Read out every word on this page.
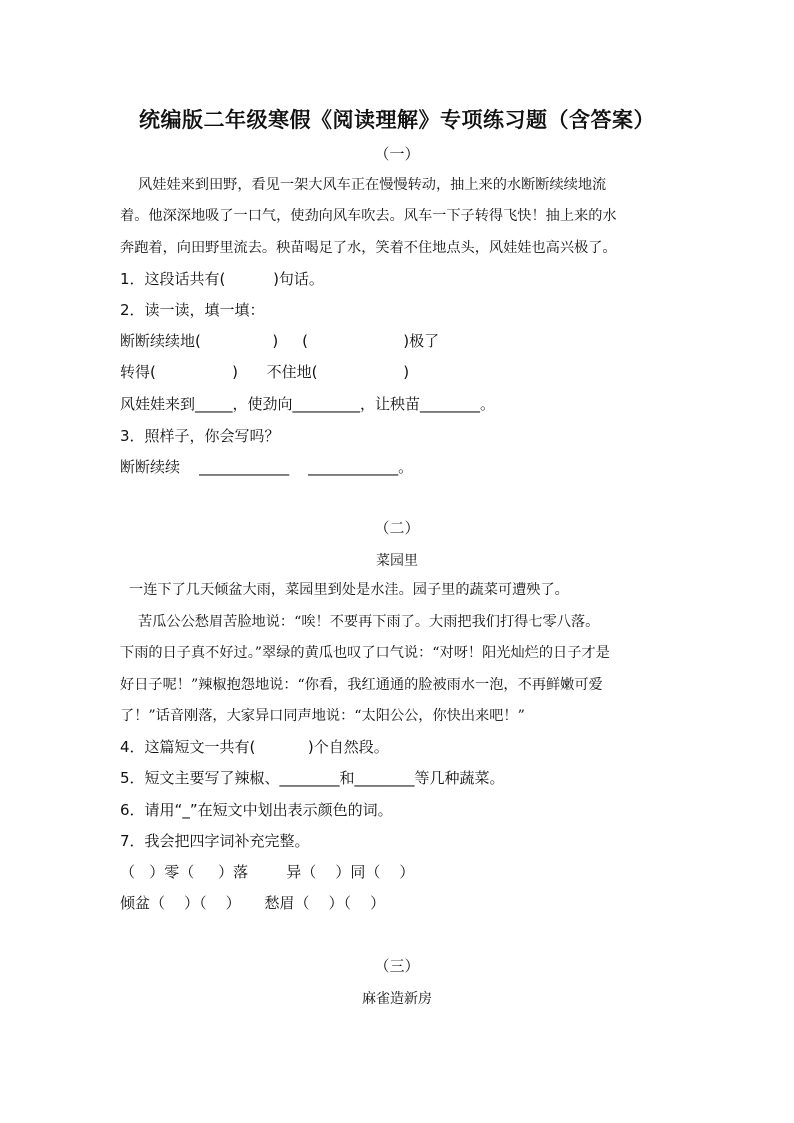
统编版二年级寒假《阅读理解》专项练习题（含答案）
（一）
风娃娃来到田野，看见一架大风车正在慢慢转动，抽上来的水断断续续地流
着。他深深地吸了一口气，使劲向风车吹去。风车一下子转得飞快！抽上来的水
奔跑着，向田野里流去。秧苗喝足了水，笑着不住地点头，风娃娃也高兴极了。
1．这段话共有(          )句话。
2．读一读，填一填：
断断续续地(               )     (                    )极了
转得(                )      不住地(                  )
风娃娃来到_____，使劲向_________，让秧苗________。
3．照样子，你会写吗？
断断续续    ____________    ____________。
（二）
菜园里
一连下了几天倾盆大雨，菜园里到处是水洼。园子里的蔬菜可遭殃了。
苦瓜公公愁眉苦脸地说：“唉！不要再下雨了。大雨把我们打得七零八落。
下雨的日子真不好过。”翠绿的黄瓜也叹了口气说：“对呀！阳光灿烂的日子才是
好日子呢！”辣椒抱怨地说：“你看，我红通通的脸被雨水一泡，不再鲜嫩可爱
了！”话音刚落，大家异口同声地说：“太阳公公，你快出来吧！”
4．这篇短文一共有(           )个自然段。
5．短文主要写了辣椒、________和________等几种蔬菜。
6．请用“_”在短文中划出表示颜色的词。
7．我会把四字词补充完整。
（   ）零（     ）落        异（    ）同（    ）
倾盆（    ）（    ）     愁眉（    ）（    ）
（三）
麻雀造新房
